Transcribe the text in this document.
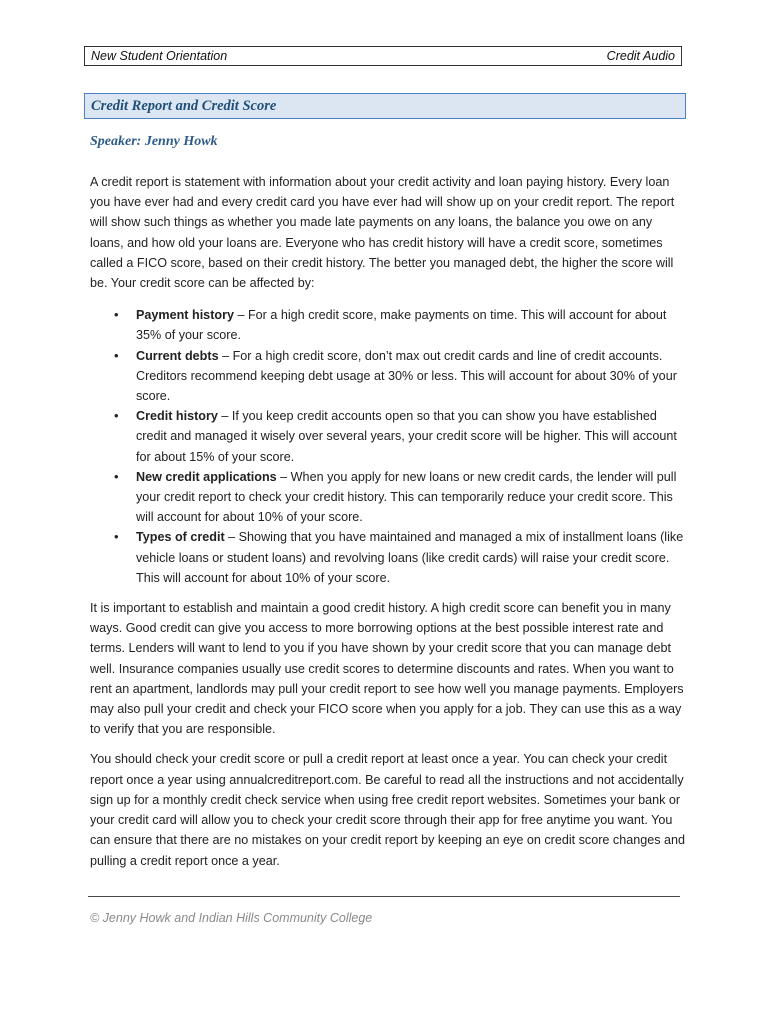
New Student Orientation	Credit Audio
Credit Report and Credit Score
Speaker: Jenny Howk

A credit report is statement with information about your credit activity and loan paying history. Every loan you have ever had and every credit card you have ever had will show up on your credit report. The report will show such things as whether you made late payments on any loans, the balance you owe on any loans, and how old your loans are. Everyone who has credit history will have a credit score, sometimes called a FICO score, based on their credit history. The better you managed debt, the higher the score will be. Your credit score can be affected by:

• Payment history – For a high credit score, make payments on time. This will account for about 35% of your score.
• Current debts – For a high credit score, don’t max out credit cards and line of credit accounts. Creditors recommend keeping debt usage at 30% or less. This will account for about 30% of your score.
• Credit history – If you keep credit accounts open so that you can show you have established credit and managed it wisely over several years, your credit score will be higher. This will account for about 15% of your score.
• New credit applications – When you apply for new loans or new credit cards, the lender will pull your credit report to check your credit history. This can temporarily reduce your credit score. This will account for about 10% of your score.
• Types of credit – Showing that you have maintained and managed a mix of installment loans (like vehicle loans or student loans) and revolving loans (like credit cards) will raise your credit score. This will account for about 10% of your score.

It is important to establish and maintain a good credit history. A high credit score can benefit you in many ways. Good credit can give you access to more borrowing options at the best possible interest rate and terms. Lenders will want to lend to you if you have shown by your credit score that you can manage debt well. Insurance companies usually use credit scores to determine discounts and rates. When you want to rent an apartment, landlords may pull your credit report to see how well you manage payments. Employers may also pull your credit and check your FICO score when you apply for a job. They can use this as a way to verify that you are responsible.

You should check your credit score or pull a credit report at least once a year. You can check your credit report once a year using annualcreditreport.com. Be careful to read all the instructions and not accidentally sign up for a monthly credit check service when using free credit report websites. Sometimes your bank or your credit card will allow you to check your credit score through their app for free anytime you want. You can ensure that there are no mistakes on your credit report by keeping an eye on credit score changes and pulling a credit report once a year.

© Jenny Howk and Indian Hills Community College
